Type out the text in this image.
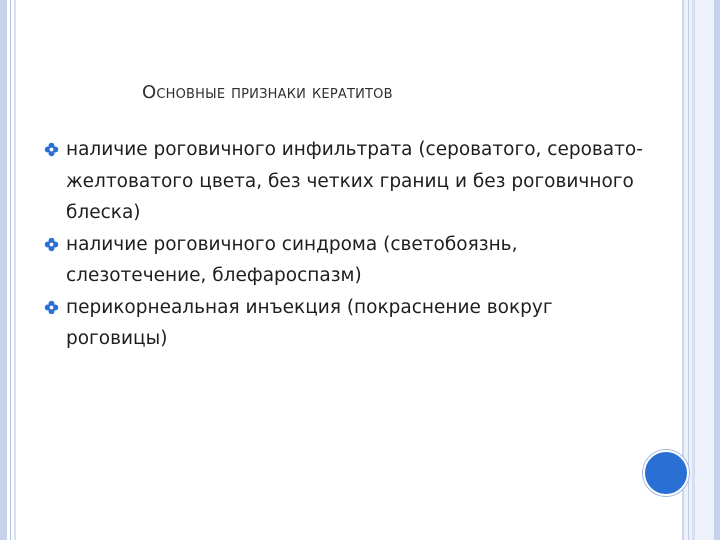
Основные признаки кератитов
наличие роговичного инфильтрата (сероватого, серовато-желтоватого цвета, без четких границ и без роговичного блеска)
наличие роговичного синдрома (светобоязнь, слезотечение, блефароспазм)
перикорнеальная инъекция (покраснение вокруг роговицы)
